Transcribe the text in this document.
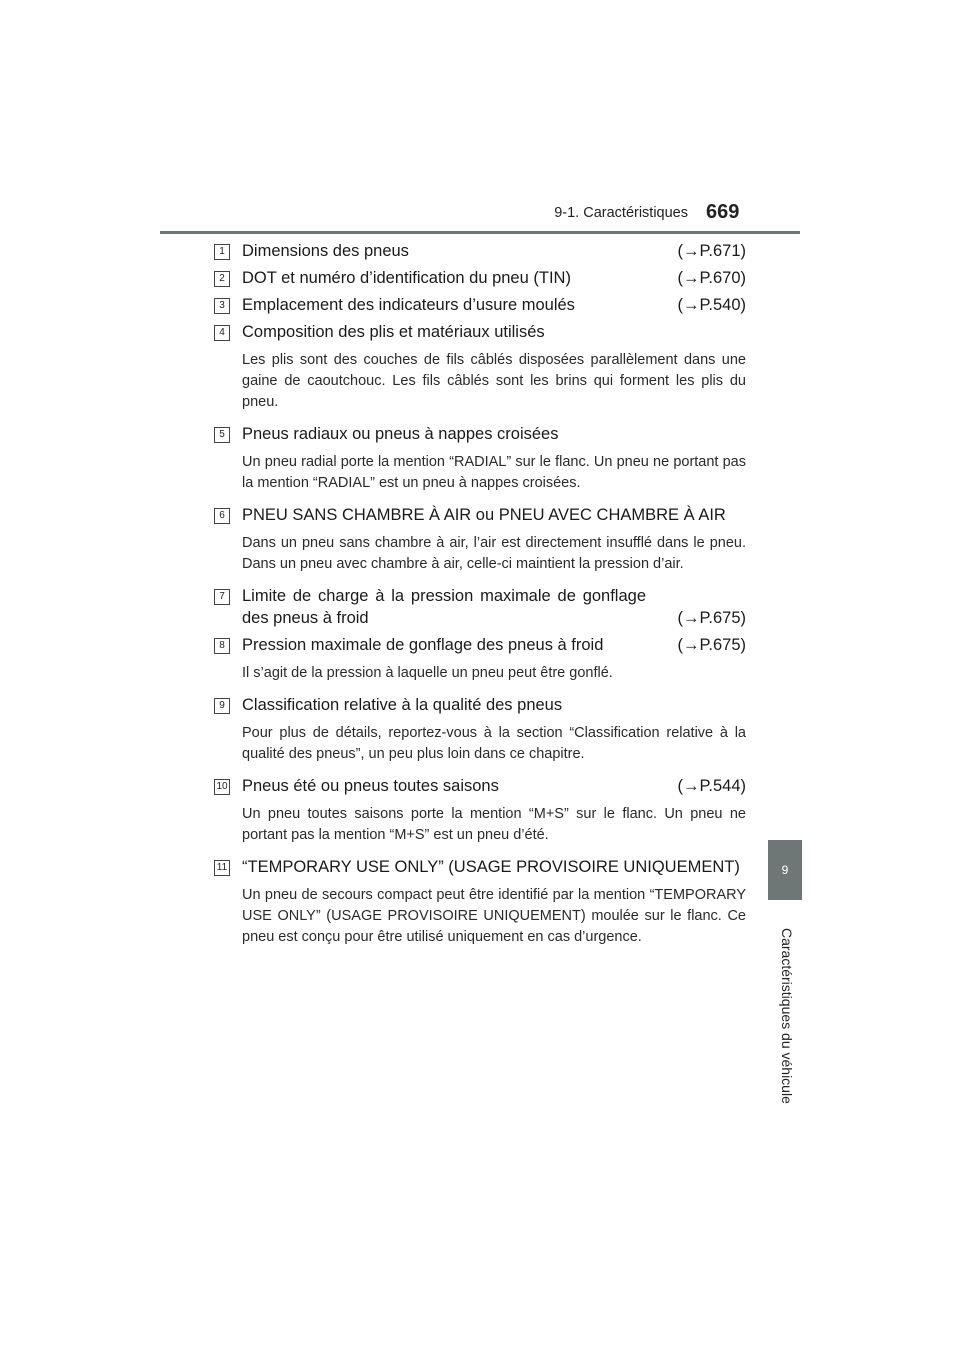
9-1. Caractéristiques 669
9
Caractéristiques du véhicule
1	Dimensions des pneus	(→P.671)
2	DOT et numéro d’identification du pneu (TIN)	(→P.670)
3	Emplacement des indicateurs d’usure moulés	(→P.540)
4	Composition des plis et matériaux utilisés
Les plis sont des couches de fils câblés disposées parallèlement dans une gaine de caoutchouc. Les fils câblés sont les brins qui forment les plis du pneu.
5	Pneus radiaux ou pneus à nappes croisées
Un pneu radial porte la mention “RADIAL” sur le flanc. Un pneu ne portant pas la mention “RADIAL” est un pneu à nappes croisées.
6	PNEU SANS CHAMBRE À AIR ou PNEU AVEC CHAMBRE À AIR
Dans un pneu sans chambre à air, l’air est directement insufflé dans le pneu. Dans un pneu avec chambre à air, celle-ci maintient la pression d’air.
7	Limite de charge à la pression maximale de gonflage des pneus à froid	(→P.675)
8	Pression maximale de gonflage des pneus à froid	(→P.675)
Il s’agit de la pression à laquelle un pneu peut être gonflé.
9	Classification relative à la qualité des pneus
Pour plus de détails, reportez-vous à la section “Classification relative à la qualité des pneus”, un peu plus loin dans ce chapitre.
10 Pneus été ou pneus toutes saisons	(→P.544)
Un pneu toutes saisons porte la mention “M+S” sur le flanc. Un pneu ne portant pas la mention “M+S” est un pneu d’été.
11 “TEMPORARY USE ONLY” (USAGE PROVISOIRE UNIQUEMENT)
Un pneu de secours compact peut être identifié par la mention “TEMPORARY USE ONLY” (USAGE PROVISOIRE UNIQUEMENT) moulée sur le flanc. Ce pneu est conçu pour être utilisé uniquement en cas d’urgence.
